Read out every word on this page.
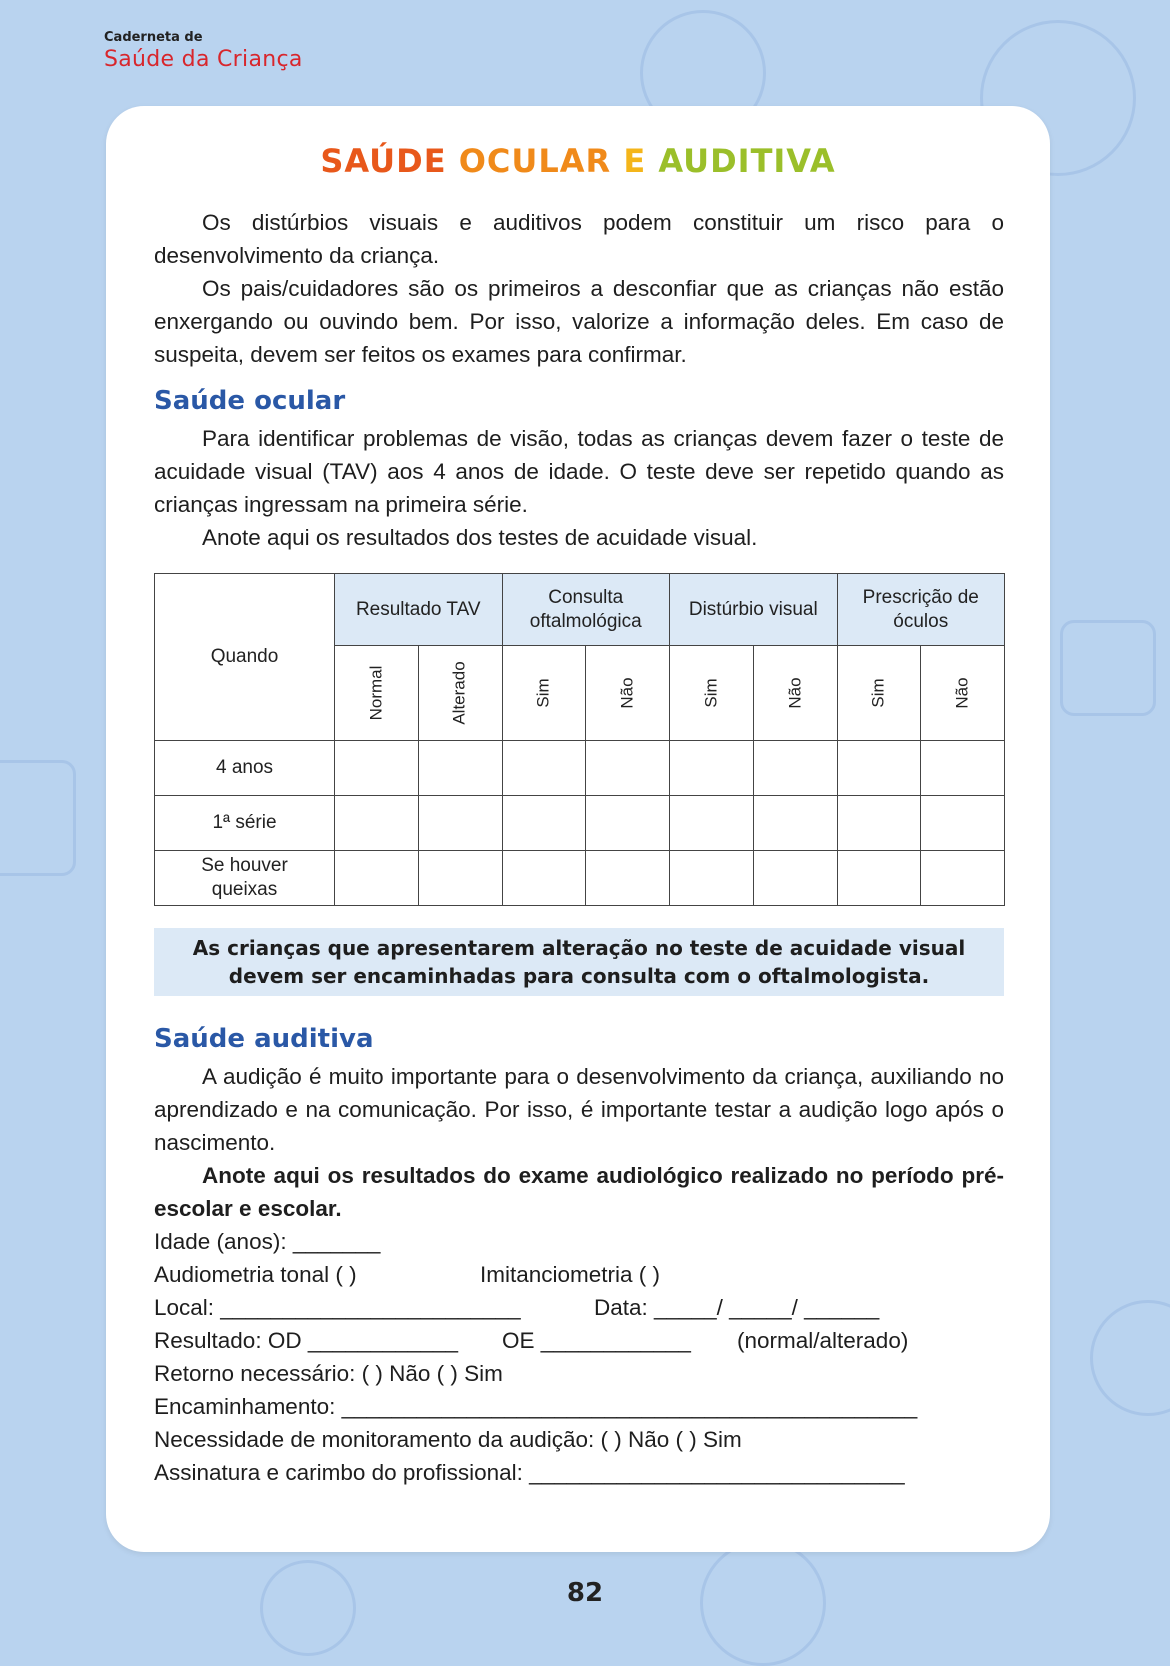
Caderneta de
Saúde da Criança
SAÚDE OCULAR E AUDITIVA

Os distúrbios visuais e auditivos podem constituir um risco para o desenvolvimento da criança.

Os pais/cuidadores são os primeiros a desconfiar que as crianças não estão enxergando ou ouvindo bem. Por isso, valorize a informação deles. Em caso de suspeita, devem ser feitos os exames para confirmar.

Saúde ocular

Para identificar problemas de visão, todas as crianças devem fazer o teste de acuidade visual (TAV) aos 4 anos de idade. O teste deve ser repetido quando as crianças ingressam na primeira série.

Anote aqui os resultados dos testes de acuidade visual.

Quando	Resultado TAV		Consulta oftalmológica		Distúrbio visual		Prescrição de óculos	
	Normal	Alterado	Sim	Não	Sim	Não	Sim	Não
4 anos								
1ª série								
Se houver queixas								
As crianças que apresentarem alteração no teste de acuidade visual devem ser encaminhadas para consulta com o oftalmologista.
Saúde auditiva

A audição é muito importante para o desenvolvimento da criança, auxiliando no aprendizado e na comunicação. Por isso, é importante testar a audição logo após o nascimento.

Anote aqui os resultados do exame audiológico realizado no período pré-escolar e escolar.

Idade (anos): _______
Audiometria tonal ( )	Imitanciometria ( )
Local: ________________________	Data: _____/ _____/ ______
Resultado: OD ____________ OE ____________ (normal/alterado)
Retorno necessário: ( ) Não ( ) Sim
Encaminhamento: ______________________________________________
Necessidade de monitoramento da audição: ( ) Não ( ) Sim
Assinatura e carimbo do profissional: ______________________________
82
